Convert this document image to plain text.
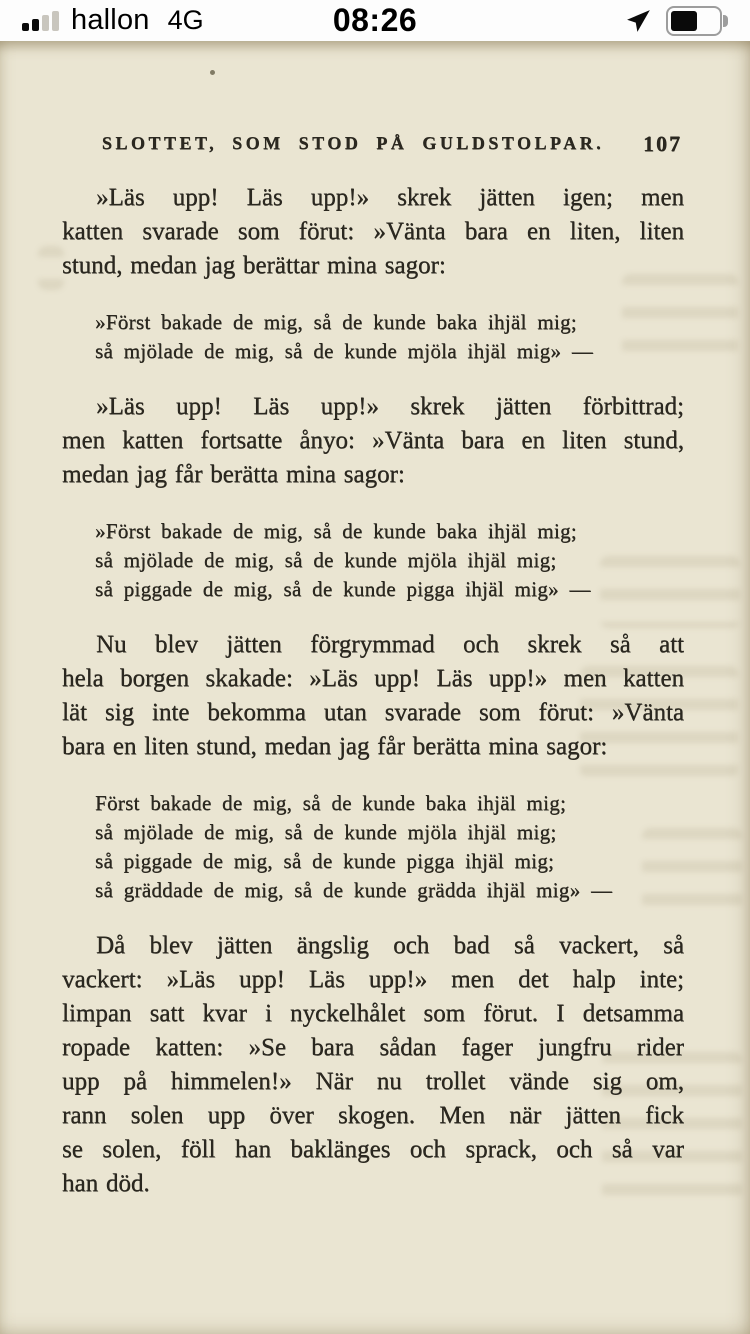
hallon 4G	08:26
SLOTTET, SOM STOD PÅ GULDSTOLPAR.	107
»Läs upp! Läs upp!» skrek jätten igen; men
katten svarade som förut: »Vänta bara en liten, liten
stund, medan jag berättar mina sagor:
»Först bakade de mig, så de kunde baka ihjäl mig;
så mjölade de mig, så de kunde mjöla ihjäl mig» —
»Läs upp! Läs upp!» skrek jätten förbittrad;
men katten fortsatte ånyo: »Vänta bara en liten stund,
medan jag får berätta mina sagor:
»Först bakade de mig, så de kunde baka ihjäl mig;
så mjölade de mig, så de kunde mjöla ihjäl mig;
så piggade de mig, så de kunde pigga ihjäl mig» —
Nu blev jätten förgrymmad och skrek så att
hela borgen skakade: »Läs upp! Läs upp!» men katten
lät sig inte bekomma utan svarade som förut: »Vänta
bara en liten stund, medan jag får berätta mina sagor:
Först bakade de mig, så de kunde baka ihjäl mig;
så mjölade de mig, så de kunde mjöla ihjäl mig;
så piggade de mig, så de kunde pigga ihjäl mig;
så gräddade de mig, så de kunde grädda ihjäl mig» —
Då blev jätten ängslig och bad så vackert, så
vackert: »Läs upp! Läs upp!» men det halp inte;
limpan satt kvar i nyckelhålet som förut. I detsamma
ropade katten: »Se bara sådan fager jungfru rider
upp på himmelen!» När nu trollet vände sig om,
rann solen upp över skogen. Men när jätten fick
se solen, föll han baklänges och sprack, och så var
han död.
